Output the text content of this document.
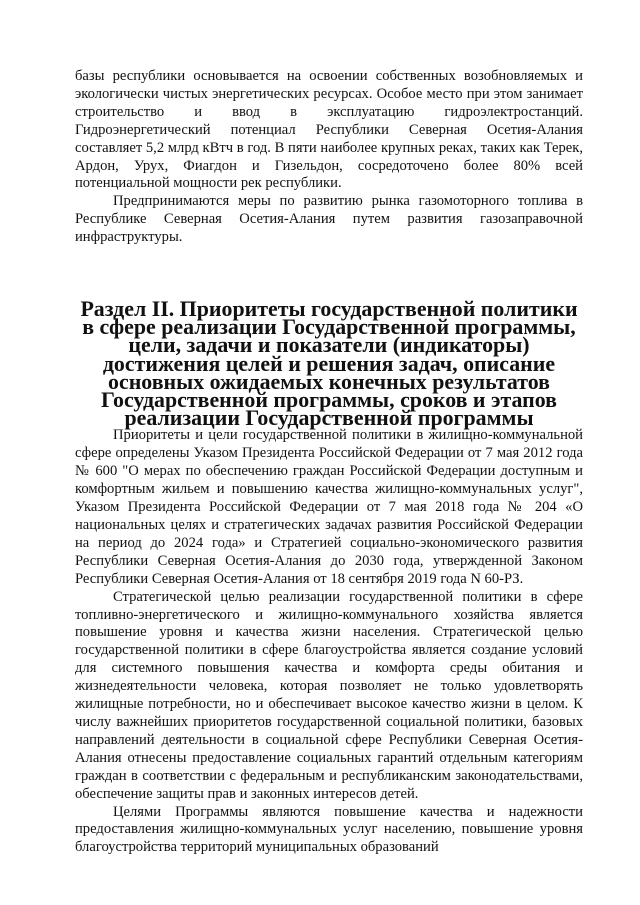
базы республики основывается на освоении собственных возобновляемых и экологически чистых энергетических ресурсах. Особое место при этом занимает строительство и ввод в эксплуатацию гидроэлектростанций. Гидроэнергетический потенциал Республики Северная Осетия-Алания составляет 5,2 млрд кВтч в год. В пяти наиболее крупных реках, таких как Терек, Ардон, Урух, Фиагдон и Гизельдон, сосредоточено более 80% всей потенциальной мощности рек республики.

Предпринимаются меры по развитию рынка газомоторного топлива в Республике Северная Осетия-Алания путем развития газозаправочной инфраструктуры.

Раздел II. Приоритеты государственной политики в сфере реализации Государственной программы, цели, задачи и показатели (индикаторы) достижения целей и решения задач, описание основных ожидаемых конечных результатов Государственной программы, сроков и этапов реализации Государственной программы

Приоритеты и цели государственной политики в жилищно-коммунальной сфере определены Указом Президента Российской Федерации от 7 мая 2012 года № 600 "О мерах по обеспечению граждан Российской Федерации доступным и комфортным жильем и повышению качества жилищно-коммунальных услуг", Указом Президента Российской Федерации от 7 мая 2018 года № 204 «О национальных целях и стратегических задачах развития Российской Федерации на период до 2024 года» и Стратегией социально-экономического развития Республики Северная Осетия-Алания до 2030 года, утвержденной Законом Республики Северная Осетия-Алания от 18 сентября 2019 года N 60-РЗ.

Стратегической целью реализации государственной политики в сфере топливно-энергетического и жилищно-коммунального хозяйства является повышение уровня и качества жизни населения. Стратегической целью государственной политики в сфере благоустройства является создание условий для системного повышения качества и комфорта среды обитания и жизнедеятельности человека, которая позволяет не только удовлетворять жилищные потребности, но и обеспечивает высокое качество жизни в целом. К числу важнейших приоритетов государственной социальной политики, базовых направлений деятельности в социальной сфере Республики Северная Осетия-Алания отнесены предоставление социальных гарантий отдельным категориям граждан в соответствии с федеральным и республиканским законодательствами, обеспечение защиты прав и законных интересов детей.

Целями Программы являются повышение качества и надежности предоставления жилищно-коммунальных услуг населению, повышение уровня благоустройства территорий муниципальных образований
